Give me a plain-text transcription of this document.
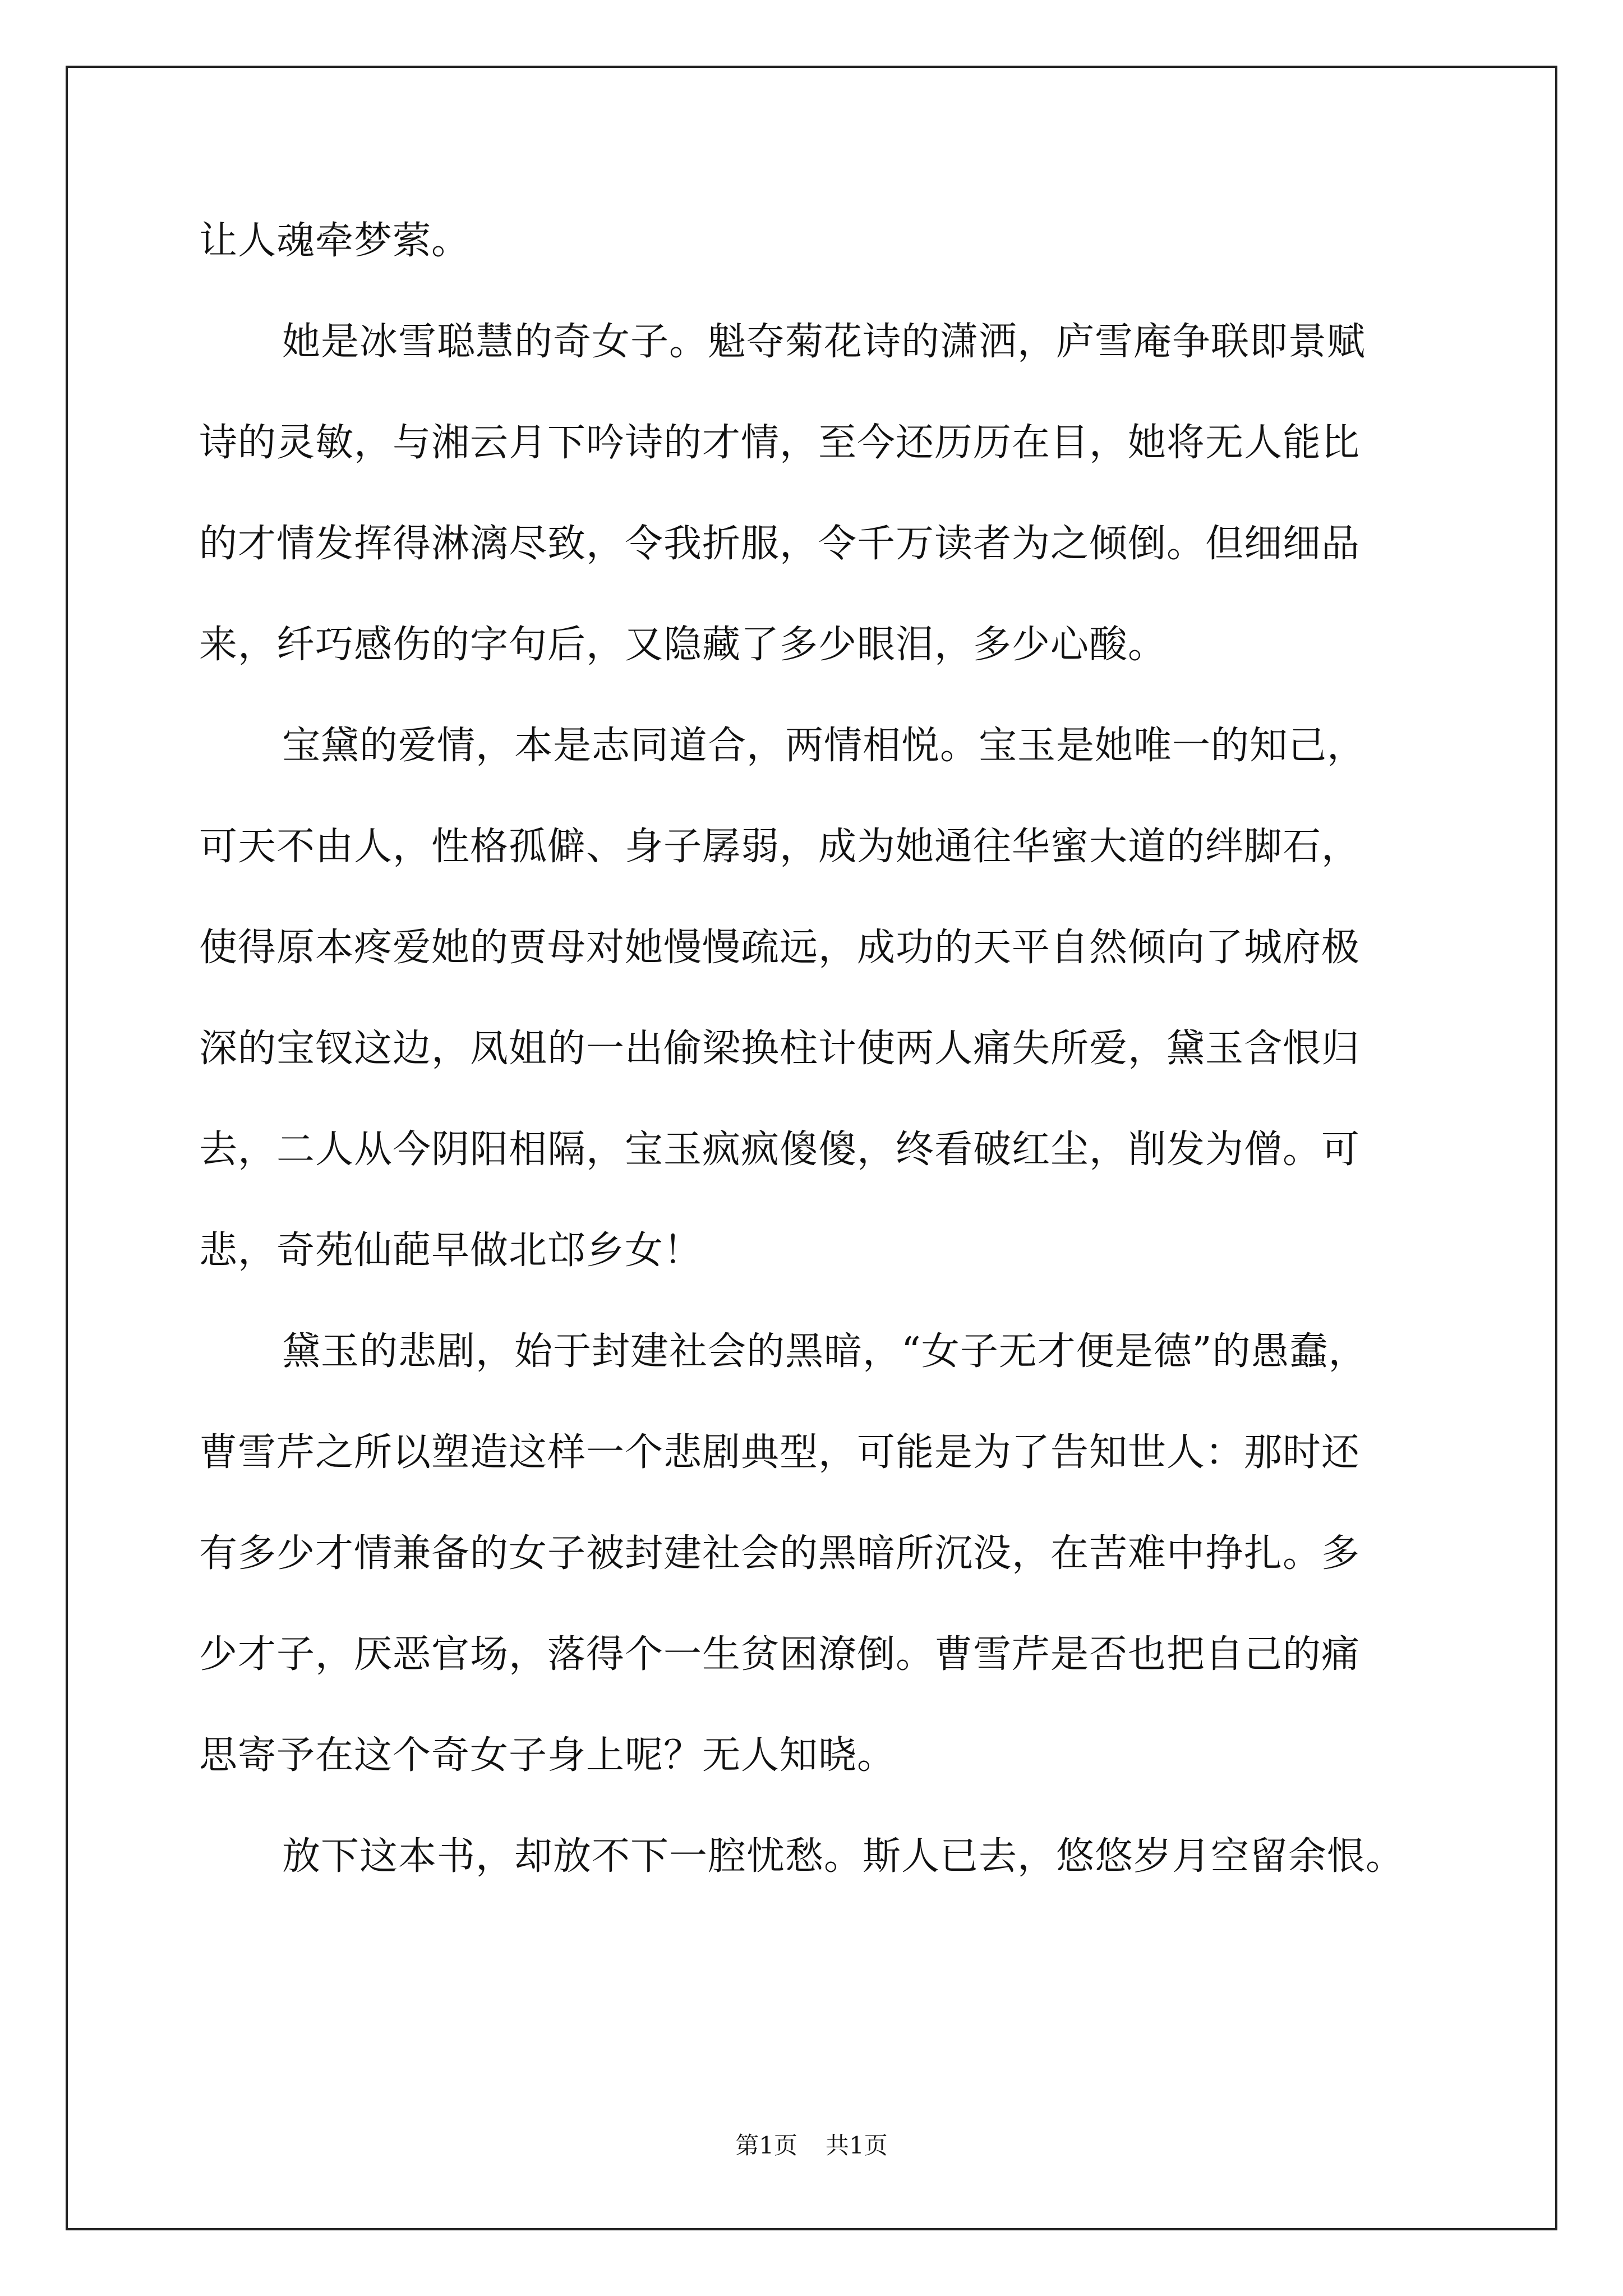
让人魂牵梦萦。
她是冰雪聪慧的奇女子。魁夺菊花诗的潇洒，庐雪庵争联即景赋
诗的灵敏，与湘云月下吟诗的才情，至今还历历在目，她将无人能比
的才情发挥得淋漓尽致，令我折服，令千万读者为之倾倒。但细细品
来，纤巧感伤的字句后，又隐藏了多少眼泪，多少心酸。
宝黛的爱情，本是志同道合，两情相悦。宝玉是她唯一的知己，
可天不由人，性格孤僻、身子孱弱，成为她通往华蜜大道的绊脚石，
使得原本疼爱她的贾母对她慢慢疏远，成功的天平自然倾向了城府极
深的宝钗这边，凤姐的一出偷梁换柱计使两人痛失所爱，黛玉含恨归
去，二人从今阴阳相隔，宝玉疯疯傻傻，终看破红尘，削发为僧。可
悲，奇苑仙葩早做北邙乡女！
黛玉的悲剧，始于封建社会的黑暗，“女子无才便是德”的愚蠢，
曹雪芹之所以塑造这样一个悲剧典型，可能是为了告知世人：那时还
有多少才情兼备的女子被封建社会的黑暗所沉没，在苦难中挣扎。多
少才子，厌恶官场，落得个一生贫困潦倒。曹雪芹是否也把自己的痛
思寄予在这个奇女子身上呢？无人知晓。
放下这本书，却放不下一腔忧愁。斯人已去，悠悠岁月空留余恨。
第1页 共1页
